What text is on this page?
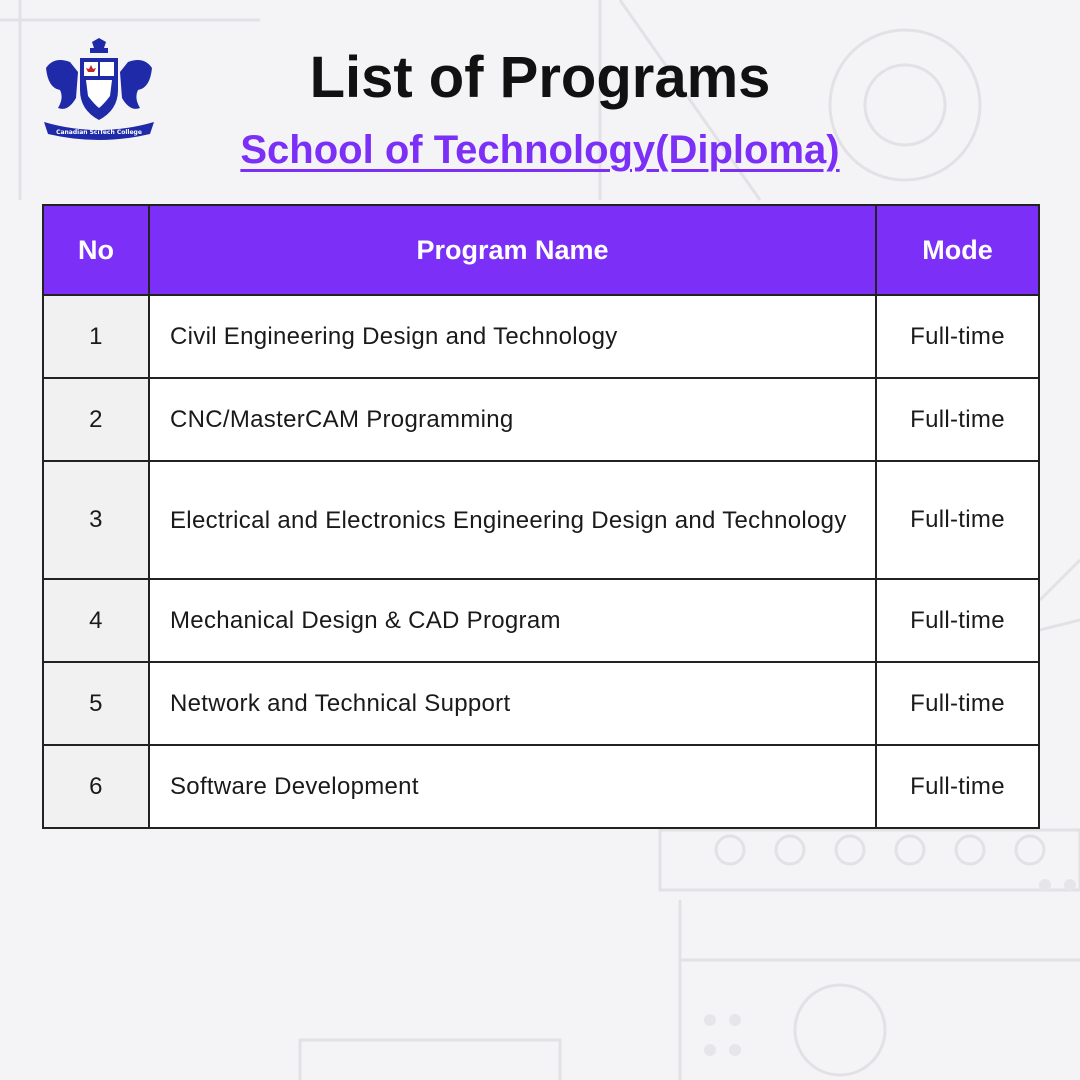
Canadian SciTech College
List of Programs
School of Technology(Diploma)
No	Program Name	Mode
1	Civil Engineering Design and Technology	Full-time
2	CNC/MasterCAM Programming	Full-time
3	Electrical and Electronics Engineering Design and Technology	Full-time
4	Mechanical Design & CAD Program	Full-time
5	Network and Technical Support	Full-time
6	Software Development	Full-time
